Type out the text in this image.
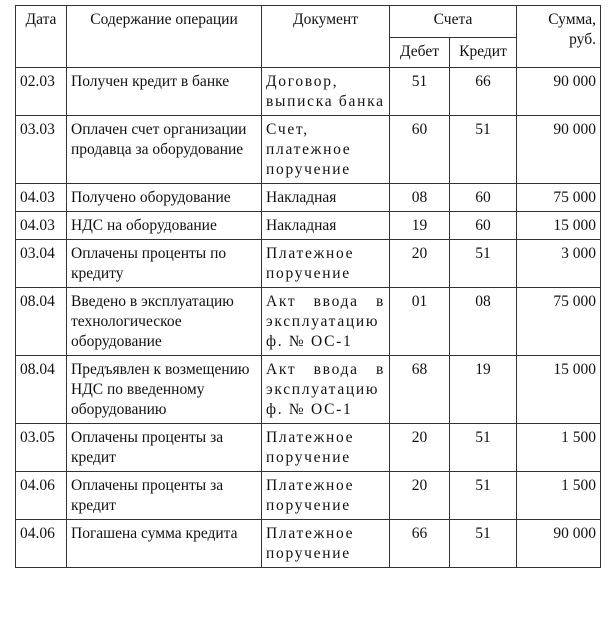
Дата	Содержание операции	Документ	Счета		Сумма, руб.
			Дебет	Кредит	
02.03	Получен кредит в банке	Договор, выписка банка	51	66	90 000
03.03	Оплачен счет организации продавца за оборудование	Счет, платежное поручение	60	51	90 000
04.03	Получено оборудование	Накладная	08	60	75 000
04.03	НДС на оборудование	Накладная	19	60	15 000
03.04	Оплачены проценты по кредиту	Платежное поручение	20	51	3 000
08.04	Введено в эксплуатацию технологическое оборудование	Акт ввода в эксплуатацию ф. № ОС-1	01	08	75 000
08.04	Предъявлен к возмещению НДС по введенному оборудованию	Акт ввода в эксплуатацию ф. № ОС-1	68	19	15 000
03.05	Оплачены проценты за кредит	Платежное поручение	20	51	1 500
04.06	Оплачены проценты за кредит	Платежное поручение	20	51	1 500
04.06	Погашена сумма кредита	Платежное поручение	66	51	90 000
